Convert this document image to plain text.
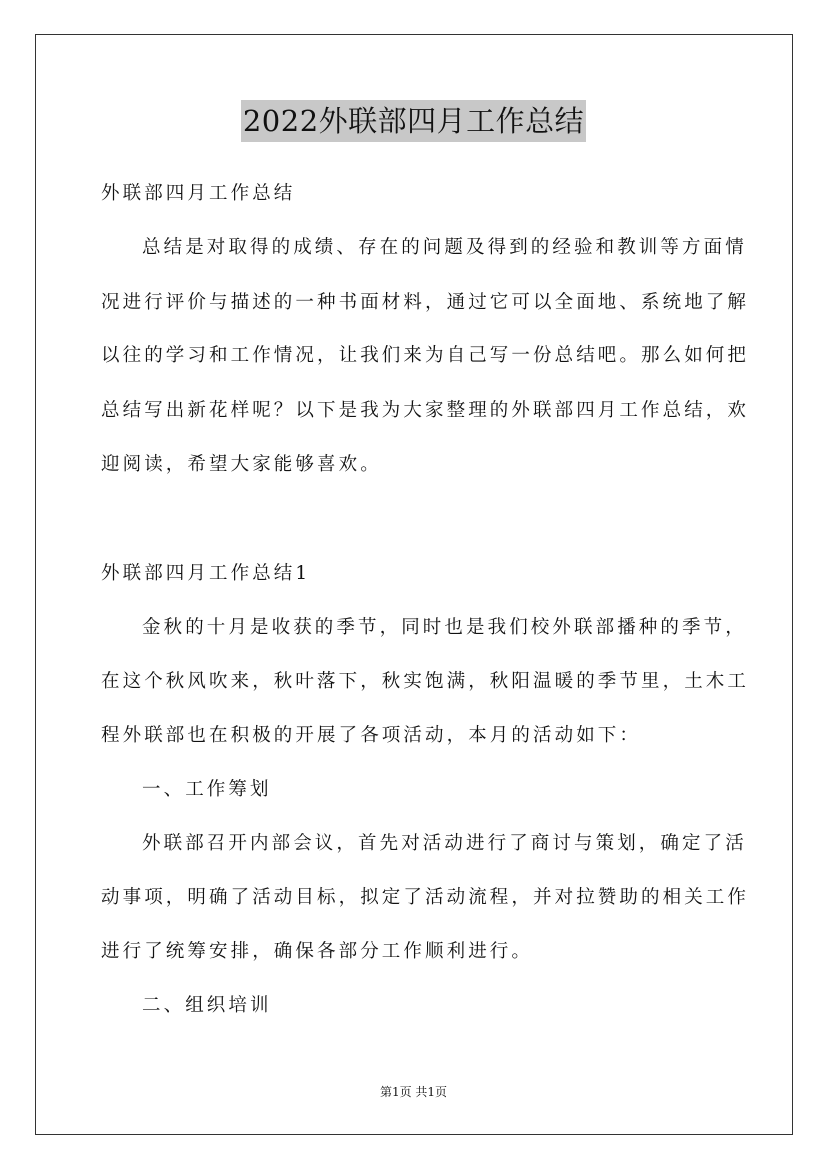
2022外联部四月工作总结
外联部四月工作总结
总结是对取得的成绩、存在的问题及得到的经验和教训等方面情
况进行评价与描述的一种书面材料，通过它可以全面地、系统地了解
以往的学习和工作情况，让我们来为自己写一份总结吧。那么如何把
总结写出新花样呢？以下是我为大家整理的外联部四月工作总结，欢
迎阅读，希望大家能够喜欢。
外联部四月工作总结1
金秋的十月是收获的季节，同时也是我们校外联部播种的季节，
在这个秋风吹来，秋叶落下，秋实饱满，秋阳温暖的季节里，土木工
程外联部也在积极的开展了各项活动，本月的活动如下：
一、工作筹划
外联部召开内部会议，首先对活动进行了商讨与策划，确定了活
动事项，明确了活动目标，拟定了活动流程，并对拉赞助的相关工作
进行了统筹安排，确保各部分工作顺利进行。
二、组织培训
第1页 共1页
